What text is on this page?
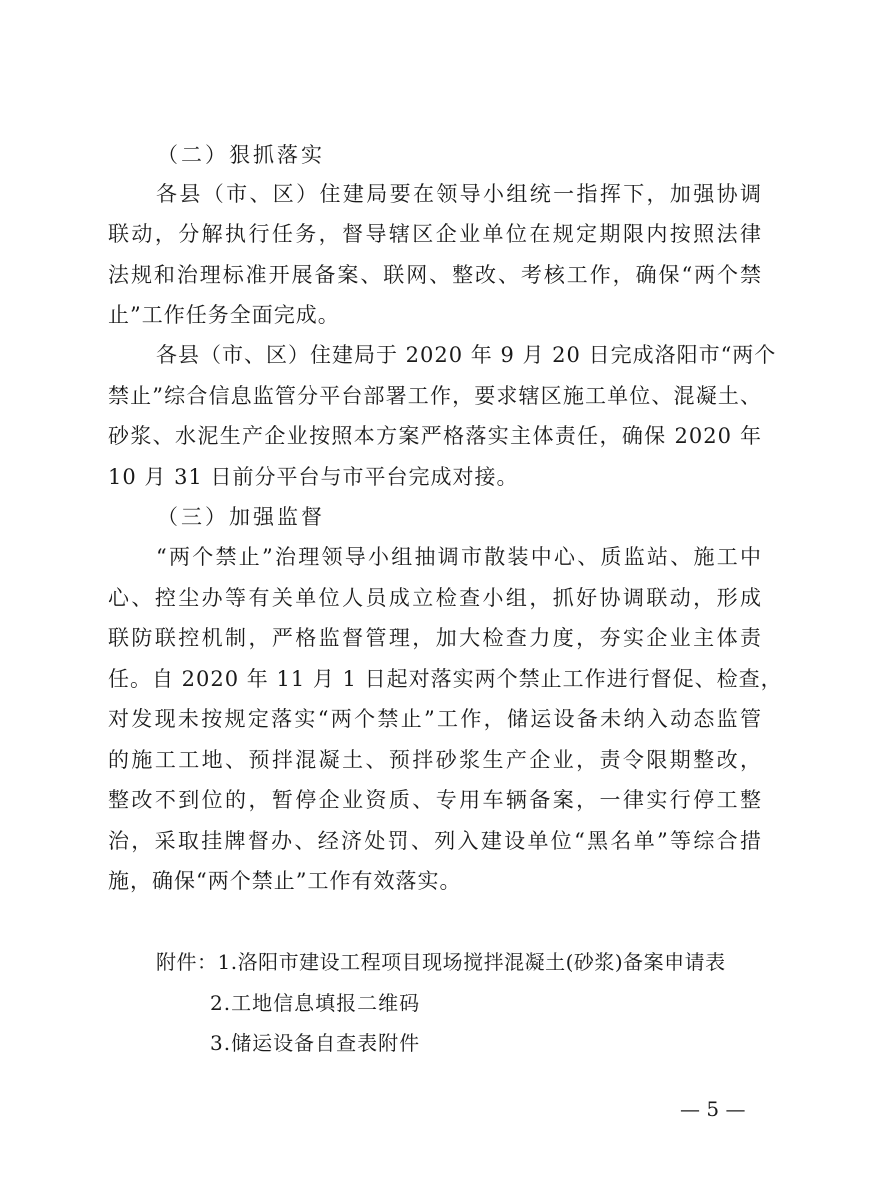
（二）狠抓落实
各县（市、区）住建局要在领导小组统一指挥下，加强协调
联动，分解执行任务，督导辖区企业单位在规定期限内按照法律
法规和治理标准开展备案、联网、整改、考核工作，确保“两个禁
止”工作任务全面完成。
各县（市、区）住建局于 2020 年 9 月 20 日完成洛阳市“两个
禁止”综合信息监管分平台部署工作，要求辖区施工单位、混凝土、
砂浆、水泥生产企业按照本方案严格落实主体责任，确保 2020 年
10 月 31 日前分平台与市平台完成对接。
（三）加强监督
“两个禁止”治理领导小组抽调市散装中心、质监站、施工中
心、控尘办等有关单位人员成立检查小组，抓好协调联动，形成
联防联控机制，严格监督管理，加大检查力度，夯实企业主体责
任。自 2020 年 11 月 1 日起对落实两个禁止工作进行督促、检查，
对发现未按规定落实“两个禁止”工作，储运设备未纳入动态监管
的施工工地、预拌混凝土、预拌砂浆生产企业，责令限期整改，
整改不到位的，暂停企业资质、专用车辆备案，一律实行停工整
治，采取挂牌督办、经济处罚、列入建设单位“黑名单”等综合措
施，确保“两个禁止”工作有效落实。
附件：1.洛阳市建设工程项目现场搅拌混凝土(砂浆)备案申请表
2.工地信息填报二维码
3.储运设备自查表附件
— 5 —
